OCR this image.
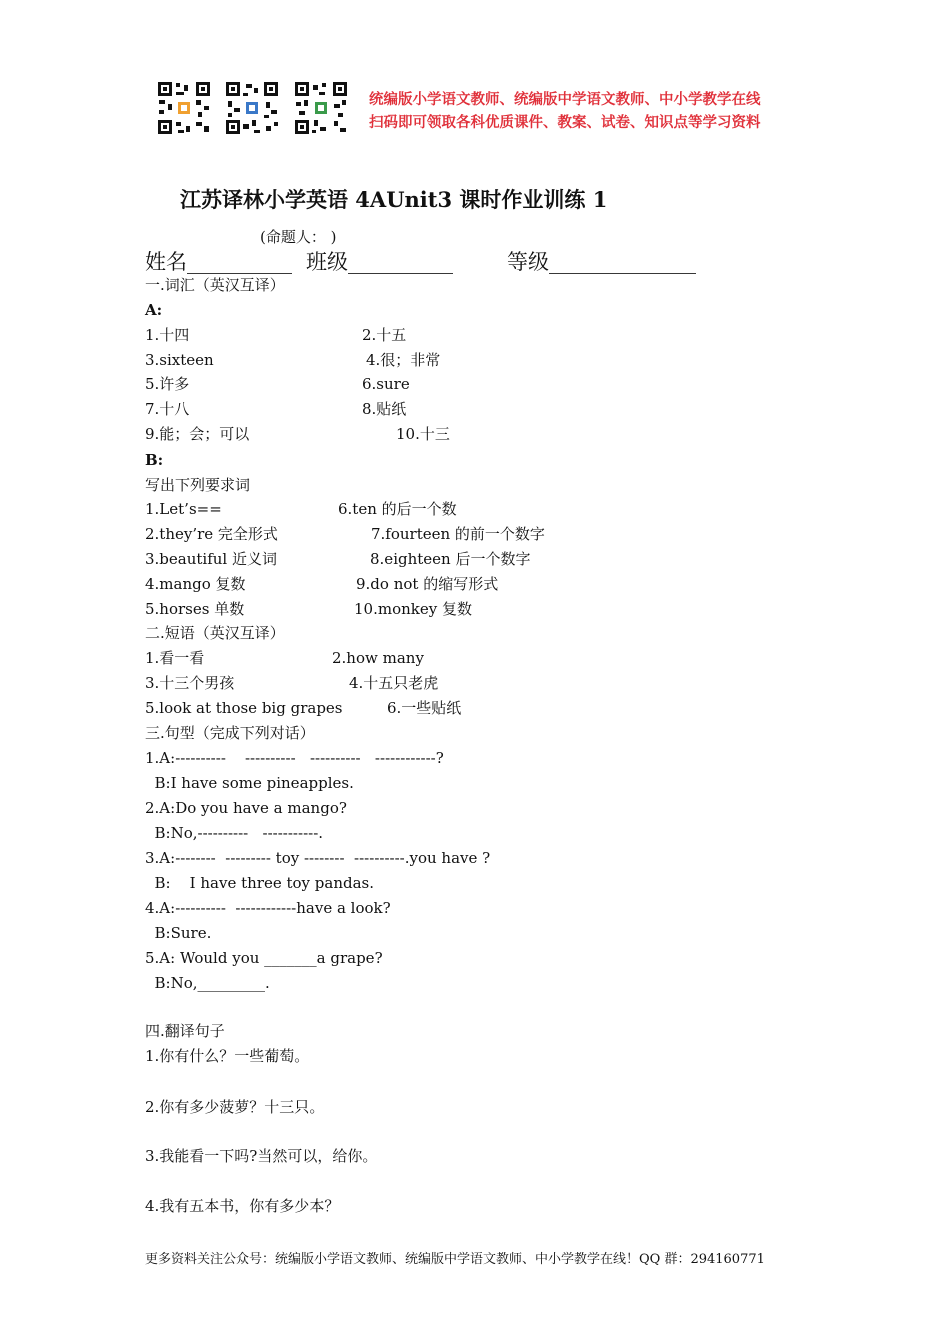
统编版小学语文教师、统编版中学语文教师、中小学教学在线
扫码即可领取各科优质课件、教案、试卷、知识点等学习资料
江苏译林小学英语 4AUnit3 课时作业训练 1
(命题人： )
姓名__________ 班级__________	等级______________
一.词汇（英汉互译）
A:
1.十四	2.十五
3.sixteen	4.很；非常
5.许多	6.sure
7.十八	8.贴纸
9.能；会；可以	10.十三
B:
写出下列要求词
1.Let’s==	6.ten 的后一个数
2.they’re 完全形式	7.fourteen 的前一个数字
3.beautiful 近义词	8.eighteen 后一个数字
4.mango 复数	9.do not 的缩写形式
5.horses 单数	10.monkey 复数
二.短语（英汉互译）
1.看一看	2.how many
3.十三个男孩	4.十五只老虎
5.look at those big grapes	6.一些贴纸
三.句型（完成下列对话）
1.A:----------    ----------   ----------   ------------?
B:I have some pineapples.
2.A:Do you have a mango?
B:No,----------   -----------.
3.A:--------  --------- toy --------  ----------.you have ?
B:    I have three toy pandas.
4.A:----------  ------------have a look?
B:Sure.
5.A: Would you _______a grape?
B:No,_________.
四.翻译句子
1.你有什么？一些葡萄。
2.你有多少菠萝？十三只。
3.我能看一下吗?当然可以，给你。
4.我有五本书，你有多少本？
更多资料关注公众号：统编版小学语文教师、统编版中学语文教师、中小学教学在线！QQ 群：294160771
